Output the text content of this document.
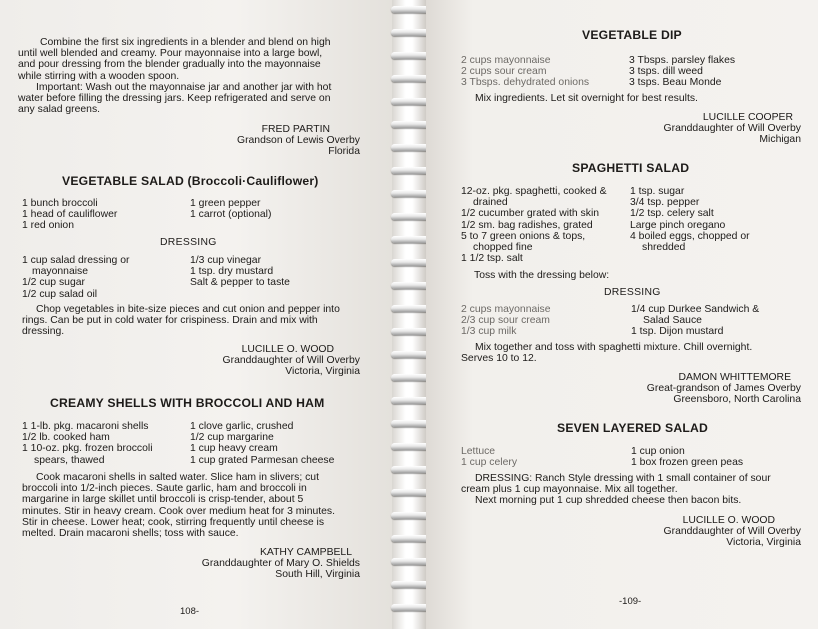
Combine the first six ingredients in a blender and blend on high
until well blended and creamy. Pour mayonnaise into a large bowl,
and pour dressing from the blender gradually into the mayonnaise
while stirring with a wooden spoon.
Important: Wash out the mayonnaise jar and another jar with hot
water before filling the dressing jars. Keep refrigerated and serve on
any salad greens.
FRED PARTIN
Grandson of Lewis Overby
Florida
VEGETABLE SALAD (Broccoli·Cauliflower)
1 bunch broccoli
1 head of cauliflower
1 red onion
1 green pepper
1 carrot (optional)
DRESSING
1 cup salad dressing or
mayonnaise
1/2 cup sugar
1/2 cup salad oil
1/3 cup vinegar
1 tsp. dry mustard
Salt & pepper to taste
Chop vegetables in bite-size pieces and cut onion and pepper into
rings. Can be put in cold water for crispiness. Drain and mix with
dressing.
LUCILLE O. WOOD
Granddaughter of Will Overby
Victoria, Virginia
CREAMY SHELLS WITH BROCCOLI AND HAM
1 1-lb. pkg. macaroni shells
1/2 lb. cooked ham
1 10-oz. pkg. frozen broccoli
spears, thawed
1 clove garlic, crushed
1/2 cup margarine
1 cup heavy cream
1 cup grated Parmesan cheese
Cook macaroni shells in salted water. Slice ham in slivers; cut
broccoli into 1/2-inch pieces. Saute garlic, ham and broccoli in
margarine in large skillet until broccoli is crisp-tender, about 5
minutes. Stir in heavy cream. Cook over medium heat for 3 minutes.
Stir in cheese. Lower heat; cook, stirring frequently until cheese is
melted. Drain macaroni shells; toss with sauce.
KATHY CAMPBELL
Granddaughter of Mary O. Shields
South Hill, Virginia
108-
VEGETABLE DIP
2 cups mayonnaise
2 cups sour cream
3 Tbsps. dehydrated onions
3 Tbsps. parsley flakes
3 tsps. dill weed
3 tsps. Beau Monde
Mix ingredients. Let sit overnight for best results.
LUCILLE COOPER
Granddaughter of Will Overby
Michigan
SPAGHETTI SALAD
12-oz. pkg. spaghetti, cooked &
drained
1/2 cucumber grated with skin
1/2 sm. bag radishes, grated
5 to 7 green onions & tops,
chopped fine
1 1/2 tsp. salt
1 tsp. sugar
3/4 tsp. pepper
1/2 tsp. celery salt
Large pinch oregano
4 boiled eggs, chopped or
shredded
Toss with the dressing below:
DRESSING
2 cups mayonnaise
2/3 cup sour cream
1/3 cup milk
1/4 cup Durkee Sandwich &
Salad Sauce
1 tsp. Dijon mustard
Mix together and toss with spaghetti mixture. Chill overnight.
Serves 10 to 12.
DAMON WHITTEMORE
Great-grandson of James Overby
Greensboro, North Carolina
SEVEN LAYERED SALAD
Lettuce
1 cup celery
1 cup onion
1 box frozen green peas
DRESSING: Ranch Style dressing with 1 small container of sour
cream plus 1 cup mayonnaise. Mix all together.
Next morning put 1 cup shredded cheese then bacon bits.
LUCILLE O. WOOD
Granddaughter of Will Overby
Victoria, Virginia
-109-
